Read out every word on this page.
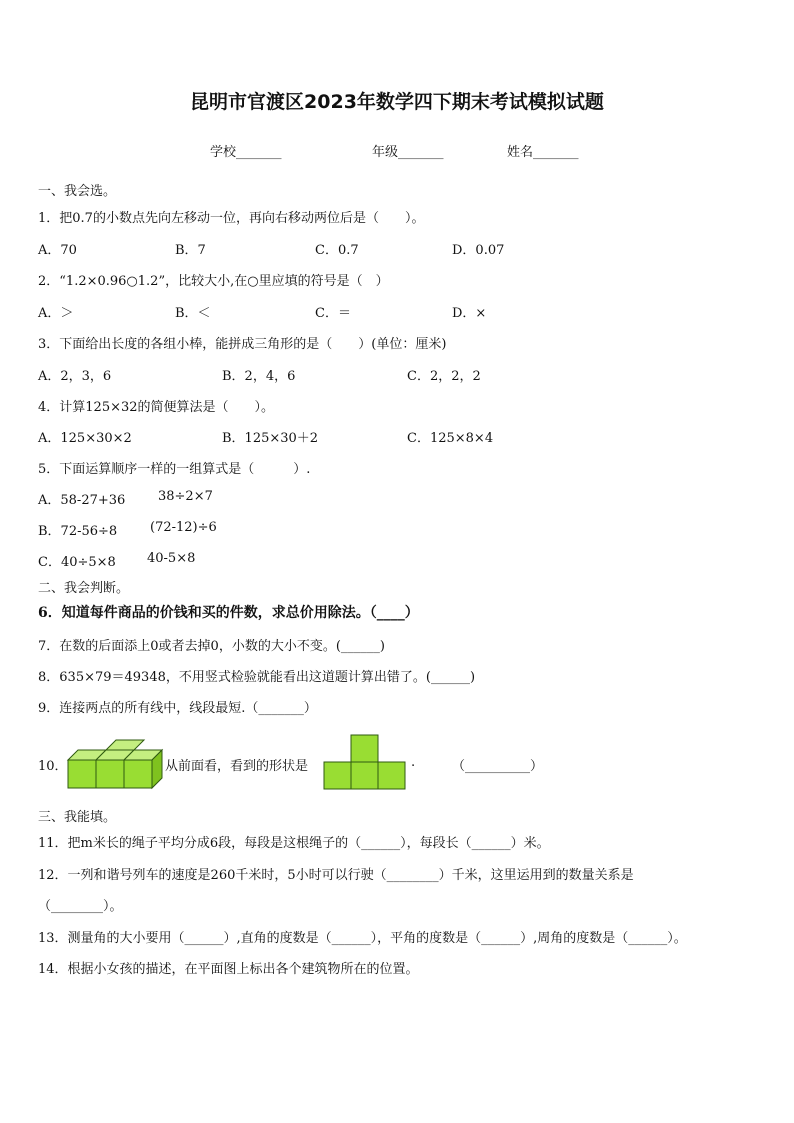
昆明市官渡区2023年数学四下期末考试模拟试题
学校_______	年级_______	姓名_______
一、我会选。
1．把0.7的小数点先向左移动一位，再向右移动两位后是（　　）。
A．70	B．7	C．0.7	D．0.07
2．“1.2×0.96○1.2”，比较大小,在○里应填的符号是（　）
A．＞	B．＜	C．＝	D．×
3．下面给出长度的各组小棒，能拼成三角形的是（　　）(单位：厘米)
A．2，3，6	B．2，4，6	C．2，2，2
4．计算125×32的简便算法是（　　）。
A．125×30×2	B．125×30＋2	C．125×8×4
5．下面运算顺序一样的一组算式是（　　　）.
A．58-27+36	38÷2×7
B．72-56÷8	(72-12)÷6
C．40÷5×8 40-5×8
二、我会判断。
6．知道每件商品的价钱和买的件数，求总价用除法。（____）
7．在数的后面添上0或者去掉0，小数的大小不变。(______)
8．635×79＝49348，不用竖式检验就能看出这道题计算出错了。(______)
9．连接两点的所有线中，线段最短.（_______）
10．	从前面看，看到的形状是	.	（__________）
三、我能填。
11．把m米长的绳子平均分成6段，每段是这根绳子的（______），每段长（______）米。
12．一列和谐号列车的速度是260千米时，5小时可以行驶（________）千米，这里运用到的数量关系是
（________）。
13．测量角的大小要用（______）,直角的度数是（______），平角的度数是（______）,周角的度数是（______）。
14．根据小女孩的描述，在平面图上标出各个建筑物所在的位置。
